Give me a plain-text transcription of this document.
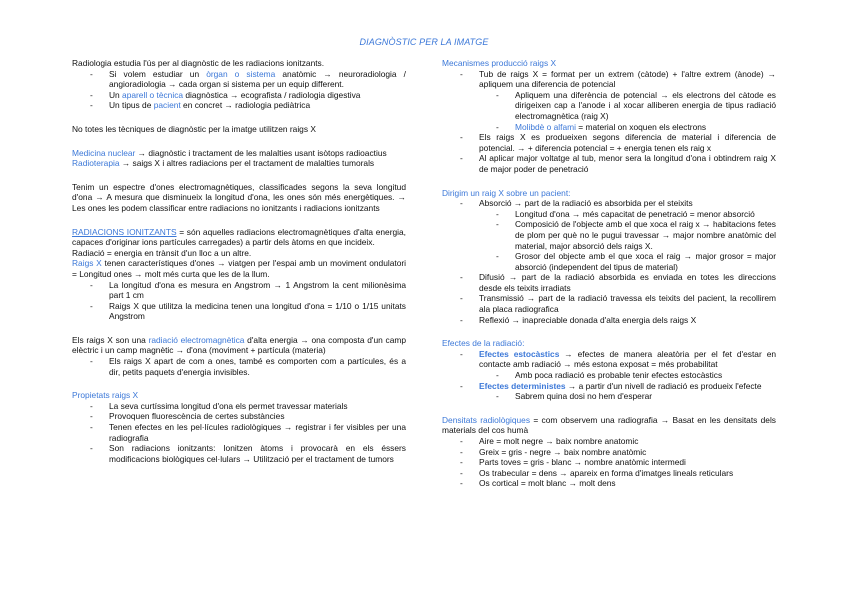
DIAGNÒSTIC PER LA IMATGE

Radiologia estudia l'ús per al diagnòstic de les radiacions ionitzants.

- Si volem estudiar un òrgan o sistema anatòmic → neuroradiologia / angioradiologia → cada organ si sistema per un equip different.
- Un aparell o tècnica diagnòstica → ecografista / radiologia digestiva
- Un tipus de pacient en concret → radiologia pediàtrica

No totes les tècniques de diagnòstic per la imatge utilitzen raigs X

Medicina nuclear → diagnòstic i tractament de les malalties usant isòtops radioactius

Radioterapia → saigs X i altres radiacions per el tractament de malalties tumorals

Tenim un espectre d'ones electromagnètiques, classificades segons la seva longitud d'ona → A mesura que disminueix la longitud d'ona, les ones són més energètiques. → Les ones les podem classificar entre radiacions no ionitzants i radiacions ionitzants

RADIACIONS IONITZANTS = són aquelles radiacions electromagnètiques d'alta energia, capaces d'originar ions partícules carregades) a partir dels àtoms en que incideix.

Radiació = energia en trànsit d'un lloc a un altre.

Raigs X tenen característiques d'ones → viatgen per l'espai amb un moviment ondulatori = Longitud ones → molt més curta que les de la llum.

- La longitud d'ona es mesura en Angstrom → 1 Angstrom la cent milionèsima part 1 cm
- Raigs X que utilitza la medicina tenen una longitud d'ona = 1/10 o 1/15 unitats Angstrom

Els raigs X son una radiació electromagnètica d'alta energia → ona composta d'un camp elèctric i un camp magnètic → d'ona (moviment + partícula (materia)

- Els raigs X apart de com a ones, també es comporten com a partícules, és a dir, petits paquets d'energia invisibles.

Propietats raigs X

- La seva curtíssima longitud d'ona els permet travessar materials
- Provoquen fluorescència de certes substàncies
- Tenen efectes en les pel·lícules radiològiques → registrar i fer visibles per una radiografia
- Son radiacions ionitzants: Ionitzen àtoms i provocarà en els éssers modificacions biològiques cel·lulars → Utilització per el tractament de tumors

Mecanismes producció raigs X

- Tub de raigs X = format per un extrem (càtode) + l'altre extrem (ànode) → apliquem una diferencia de potencial
- Apliquem una diferència de potencial → els electrons del càtode es dirigeixen cap a l'anode i al xocar alliberen energia de tipus radiació electromagnètica (raig X)
- Molibdè o alfami = material on xoquen els electrons
- Els raigs X es produeixen segons diferencia de material i diferencia de potencial. → + diferencia potencial = + energia tenen els raig x
- Al aplicar major voltatge al tub, menor sera la longitud d'ona i obtindrem raig X de major poder de penetració

Dirigim un raig X sobre un pacient:

- Absorció → part de la radiació es absorbida per el steixits
- Longitud d'ona → més capacitat de penetració = menor absorció
- Composició de l'objecte amb el que xoca el raig x → habitacions fetes de plom per què no le pugui travessar → major nombre anatòmic del material, major absorció dels raigs X.
- Grosor del objecte amb el que xoca el raig → major grosor = major absorció (independent del tipus de material)
- Difusió → part de la radiació absorbida es enviada en totes les direccions desde els teixits irradiats
- Transmissió → part de la radiació travessa els teixits del pacient, la recollirem ala placa radiografica
- Reflexió → inapreciable donada d'alta energia dels raigs X

Efectes de la radiació:

- Efectes estocàstics → efectes de manera aleatòria per el fet d'estar en contacte amb radiació → més estona exposat = més probabilitat
- Amb poca radiació es probable tenir efectes estocàstics
- Efectes deterministes → a partir d'un nivell de radiació es produeix l'efecte
- Sabrem quina dosi no hem d'esperar

Densitats radiològiques = com observem una radiografia → Basat en les densitats dels materials del cos humà

- Aire = molt negre → baix nombre anatomic
- Greix = gris - negre → baix nombre anatòmic
- Parts toves = gris - blanc → nombre anatòmic intermedi
- Os trabecular = dens → apareix en forma d'imatges lineals reticulars
- Os cortical = molt blanc → molt dens
